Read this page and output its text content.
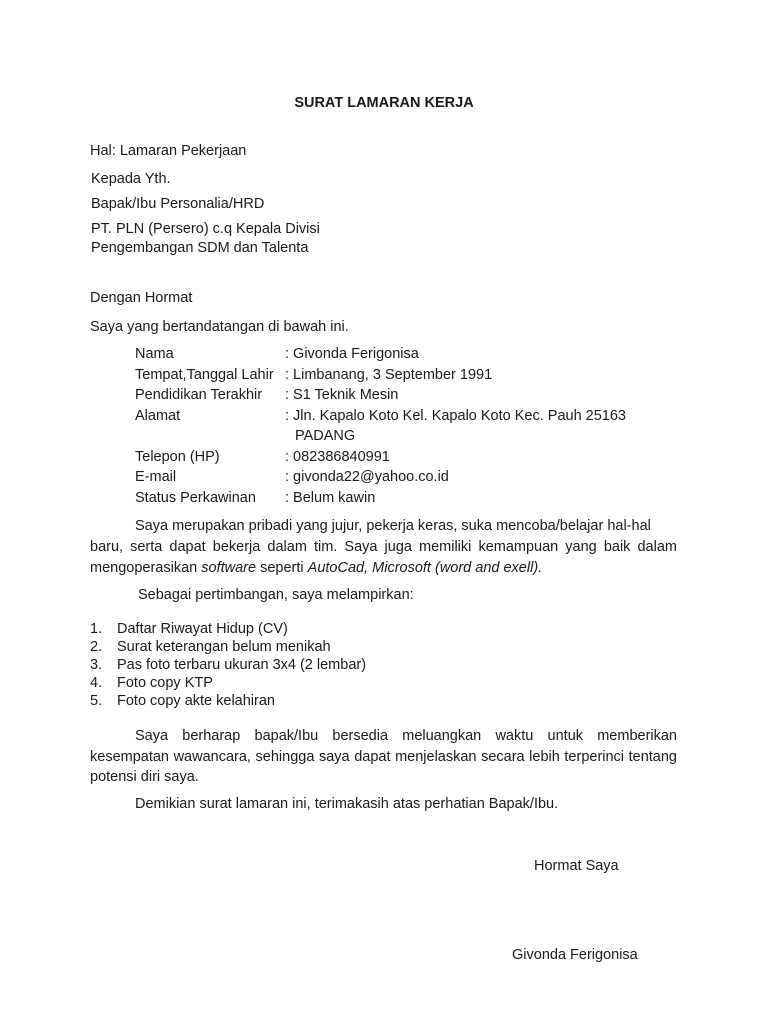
SURAT LAMARAN KERJA
Hal: Lamaran Pekerjaan
Kepada Yth.
Bapak/Ibu Personalia/HRD
PT. PLN (Persero) c.q Kepala Divisi Pengembangan SDM dan Talenta
Dengan Hormat
Saya yang bertandatangan di bawah ini.
Nama	: Givonda Ferigonisa
Tempat,Tanggal Lahir : Limbanang, 3 September 1991
Pendidikan Terakhir : S1 Teknik Mesin
Alamat	: Jln. Kapalo Koto Kel. Kapalo Koto Kec. Pauh 25163
PADANG
Telepon (HP)	: 082386840991
E-mail	: givonda22@yahoo.co.id
Status Perkawinan : Belum kawin
Saya merupakan pribadi yang jujur, pekerja keras, suka mencoba/belajar hal-hal
baru, serta dapat bekerja dalam tim. Saya juga memiliki kemampuan yang baik dalam
mengoperasikan software seperti AutoCad, Microsoft (word and exell).
Sebagai pertimbangan, saya melampirkan:
1. Daftar Riwayat Hidup (CV)
2. Surat keterangan belum menikah
3. Pas foto terbaru ukuran 3x4 (2 lembar)
4. Foto copy KTP
5. Foto copy akte kelahiran
Saya berharap bapak/Ibu bersedia meluangkan waktu untuk memberikan kesempatan wawancara, sehingga saya dapat menjelaskan secara lebih terperinci tentang potensi diri saya.
Demikian surat lamaran ini, terimakasih atas perhatian Bapak/Ibu.
Hormat Saya
Givonda Ferigonisa
